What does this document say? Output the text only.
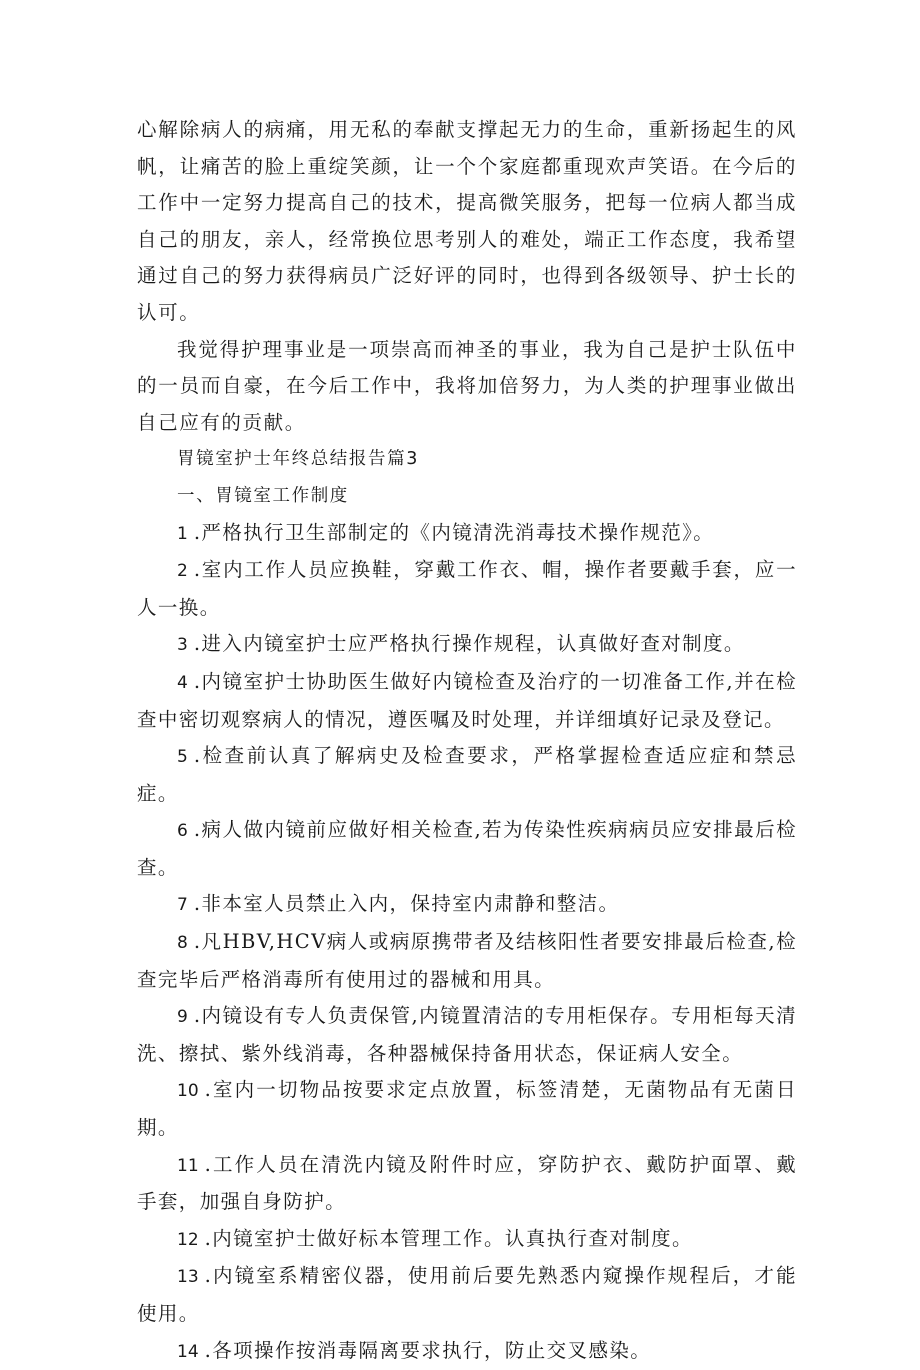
心解除病人的病痛，用无私的奉献支撑起无力的生命，重新扬起生的风帆，让痛苦的脸上重绽笑颜，让一个个家庭都重现欢声笑语。在今后的工作中一定努力提高自己的技术，提高微笑服务，把每一位病人都当成自己的朋友，亲人，经常换位思考别人的难处，端正工作态度，我希望通过自己的努力获得病员广泛好评的同时，也得到各级领导、护士长的认可。

我觉得护理事业是一项崇高而神圣的事业，我为自己是护士队伍中的一员而自豪，在今后工作中，我将加倍努力，为人类的护理事业做出自己应有的贡献。

胃镜室护士年终总结报告篇3

一、胃镜室工作制度

1 .严格执行卫生部制定的《内镜清洗消毒技术操作规范》。

2 .室内工作人员应换鞋，穿戴工作衣、帽，操作者要戴手套，应一人一换。

3 .进入内镜室护士应严格执行操作规程，认真做好查对制度。

4 .内镜室护士协助医生做好内镜检查及治疗的一切准备工作,并在检查中密切观察病人的情况，遵医嘱及时处理，并详细填好记录及登记。

5 .检查前认真了解病史及检查要求，严格掌握检查适应症和禁忌症。

6 .病人做内镜前应做好相关检查,若为传染性疾病病员应安排最后检查。

7 .非本室人员禁止入内，保持室内肃静和整洁。

8 .凡HBV,HCV病人或病原携带者及结核阳性者要安排最后检查,检查完毕后严格消毒所有使用过的器械和用具。

9 .内镜设有专人负责保管,内镜置清洁的专用柜保存。专用柜每天清洗、擦拭、紫外线消毒，各种器械保持备用状态，保证病人安全。

10 .室内一切物品按要求定点放置，标签清楚，无菌物品有无菌日期。

11 .工作人员在清洗内镜及附件时应，穿防护衣、戴防护面罩、戴手套，加强自身防护。

12 .内镜室护士做好标本管理工作。认真执行查对制度。

13 .内镜室系精密仪器，使用前后要先熟悉内窥操作规程后，才能使用。

14 .各项操作按消毒隔离要求执行，防止交叉感染。
